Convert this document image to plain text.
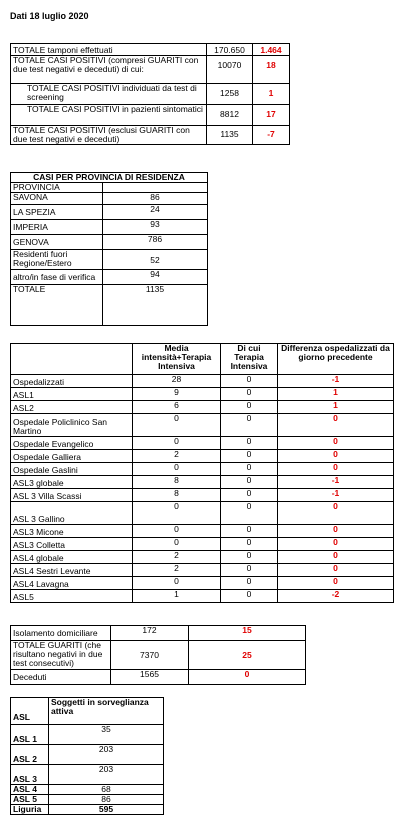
Dati 18 luglio 2020
TOTALE tamponi effettuati	170.650	1.464
TOTALE CASI POSITIVI (compresi GUARITI con due test negativi e deceduti) di cui:	10070	18
TOTALE CASI POSITIVI individuati da test di screening	1258	1
TOTALE CASI POSITIVI in pazienti sintomatici	8812	17
TOTALE CASI POSITIVI (esclusi GUARITI con due test negativi e deceduti)	1135	-7
CASI PER PROVINCIA DI RESIDENZA	
PROVINCIA	
SAVONA	86
LA SPEZIA	24
IMPERIA	93
GENOVA	786
Residenti fuori Regione/Estero	52
altro/in fase di verifica	94
TOTALE	1135
	Media intensità+Terapia Intensiva	Di cui Terapia Intensiva	Differenza ospedalizzati da giorno precedente
Ospedalizzati	28	0	-1
ASL1	9	0	1
ASL2	6	0	1
Ospedale Policlinico San Martino	0	0	0
Ospedale Evangelico	0	0	0
Ospedale Galliera	2	0	0
Ospedale Gaslini	0	0	0
ASL3 globale	8	0	-1
ASL 3 Villa Scassi	8	0	-1
ASL 3 Gallino	0	0	0
ASL3 Micone	0	0	0
ASL3 Colletta	0	0	0
ASL4 globale	2	0	0
ASL4 Sestri Levante	2	0	0
ASL4 Lavagna	0	0	0
ASL5	1	0	-2
Isolamento domiciliare	172	15
TOTALE GUARITI (che risultano negativi in due test consecutivi)	7370	25
Deceduti	1565	0
ASL	Soggetti in sorveglianza attiva
ASL 1	35
ASL 2	203
ASL 3	203
ASL 4	68
ASL 5	86
Liguria	595
